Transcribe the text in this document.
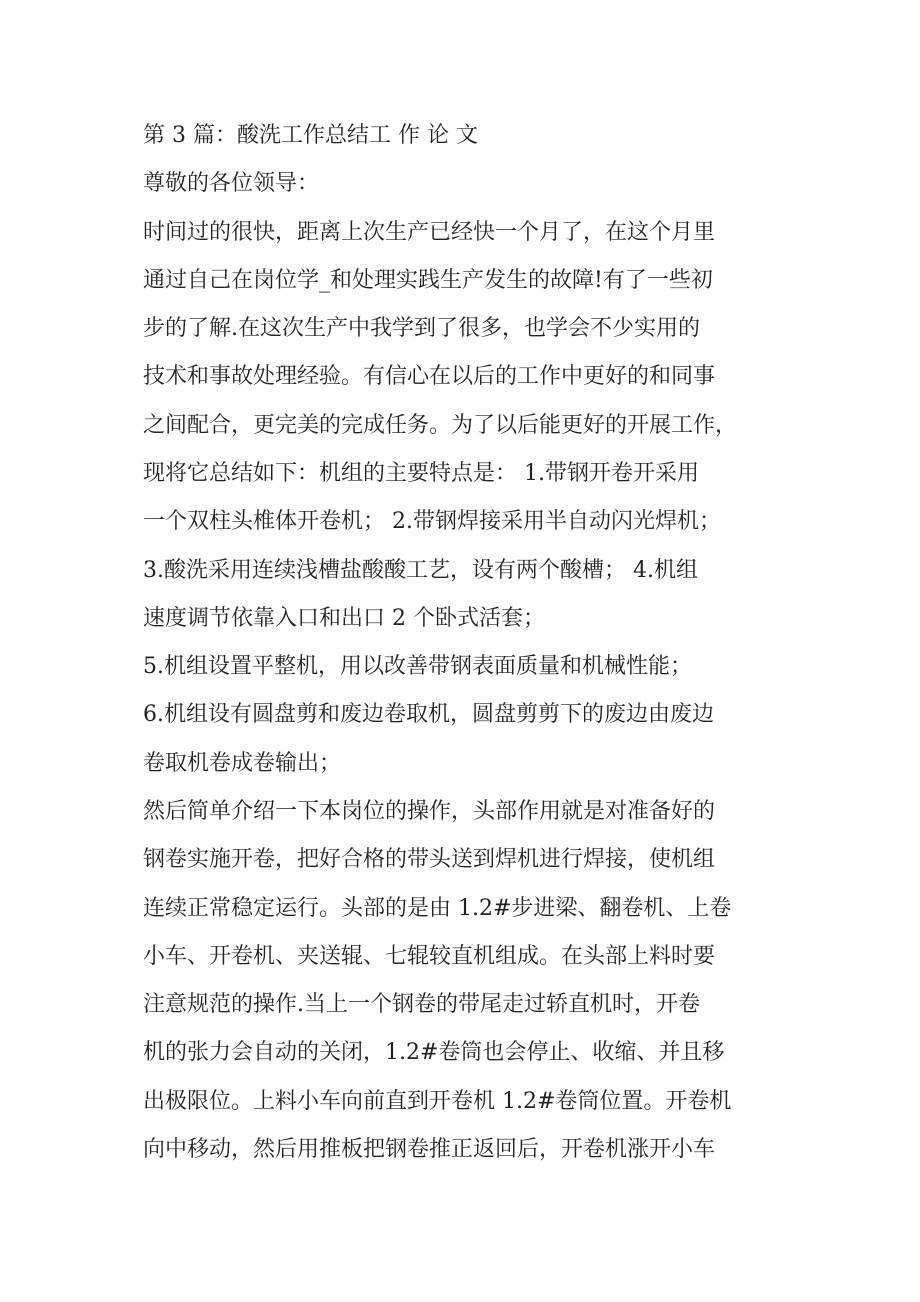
第 3 篇：酸洗工作总结工 作 论 文
尊敬的各位领导：
时间过的很快，距离上次生产已经快一个月了，在这个月里
通过自己在岗位学_和处理实践生产发生的故障!有了一些初
步的了解.在这次生产中我学到了很多，也学会不少实用的
技术和事故处理经验。有信心在以后的工作中更好的和同事
之间配合，更完美的完成任务。为了以后能更好的开展工作，
现将它总结如下：机组的主要特点是： 1.带钢开卷开采用
一个双柱头椎体开卷机； 2.带钢焊接采用半自动闪光焊机；
3.酸洗采用连续浅槽盐酸酸工艺，设有两个酸槽； 4.机组
速度调节依靠入口和出口 2 个卧式活套；
5.机组设置平整机，用以改善带钢表面质量和机械性能；
6.机组设有圆盘剪和废边卷取机，圆盘剪剪下的废边由废边
卷取机卷成卷输出；
然后简单介绍一下本岗位的操作，头部作用就是对准备好的
钢卷实施开卷，把好合格的带头送到焊机进行焊接，使机组
连续正常稳定运行。头部的是由 1.2#步进梁、翻卷机、上卷
小车、开卷机、夹送辊、七辊较直机组成。在头部上料时要
注意规范的操作.当上一个钢卷的带尾走过轿直机时，开卷
机的张力会自动的关闭，1.2#卷筒也会停止、收缩、并且移
出极限位。上料小车向前直到开卷机 1.2#卷筒位置。开卷机
向中移动，然后用推板把钢卷推正返回后，开卷机涨开小车
